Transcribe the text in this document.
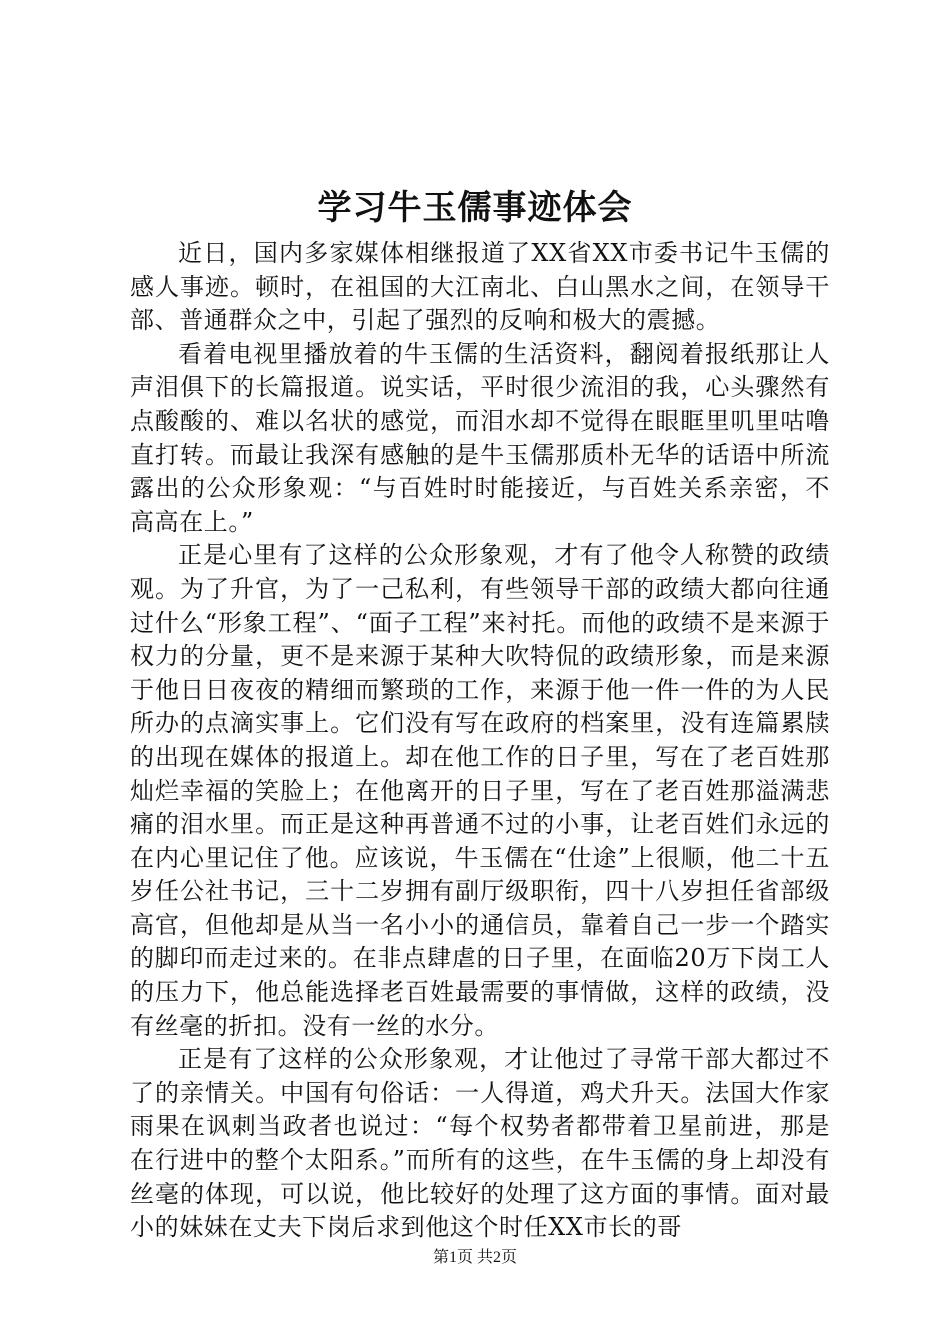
学习牛玉儒事迹体会

近日，国内多家媒体相继报道了XX省XX市委书记牛玉儒的感人事迹。顿时，在祖国的大江南北、白山黑水之间，在领导干部、普通群众之中，引起了强烈的反响和极大的震撼。

看着电视里播放着的牛玉儒的生活资料，翻阅着报纸那让人声泪俱下的长篇报道。说实话，平时很少流泪的我，心头骤然有点酸酸的、难以名状的感觉，而泪水却不觉得在眼眶里叽里咕噜直打转。而最让我深有感触的是牛玉儒那质朴无华的话语中所流露出的公众形象观：“与百姓时时能接近，与百姓关系亲密，不高高在上。”

正是心里有了这样的公众形象观，才有了他令人称赞的政绩观。为了升官，为了一己私利，有些领导干部的政绩大都向往通过什么“形象工程”、“面子工程”来衬托。而他的政绩不是来源于权力的分量，更不是来源于某种大吹特侃的政绩形象，而是来源于他日日夜夜的精细而繁琐的工作，来源于他一件一件的为人民所办的点滴实事上。它们没有写在政府的档案里，没有连篇累牍的出现在媒体的报道上。却在他工作的日子里，写在了老百姓那灿烂幸福的笑脸上；在他离开的日子里，写在了老百姓那溢满悲痛的泪水里。而正是这种再普通不过的小事，让老百姓们永远的在内心里记住了他。应该说，牛玉儒在“仕途”上很顺，他二十五岁任公社书记，三十二岁拥有副厅级职衔，四十八岁担任省部级高官，但他却是从当一名小小的通信员，靠着自己一步一个踏实的脚印而走过来的。在非点肆虐的日子里，在面临20万下岗工人的压力下，他总能选择老百姓最需要的事情做，这样的政绩，没有丝毫的折扣。没有一丝的水分。

正是有了这样的公众形象观，才让他过了寻常干部大都过不了的亲情关。中国有句俗话：一人得道，鸡犬升天。法国大作家雨果在讽刺当政者也说过：“每个权势者都带着卫星前进，那是在行进中的整个太阳系。”而所有的这些，在牛玉儒的身上却没有丝毫的体现，可以说，他比较好的处理了这方面的事情。面对最小的妹妹在丈夫下岗后求到他这个时任XX市长的哥

第1页 共2页
